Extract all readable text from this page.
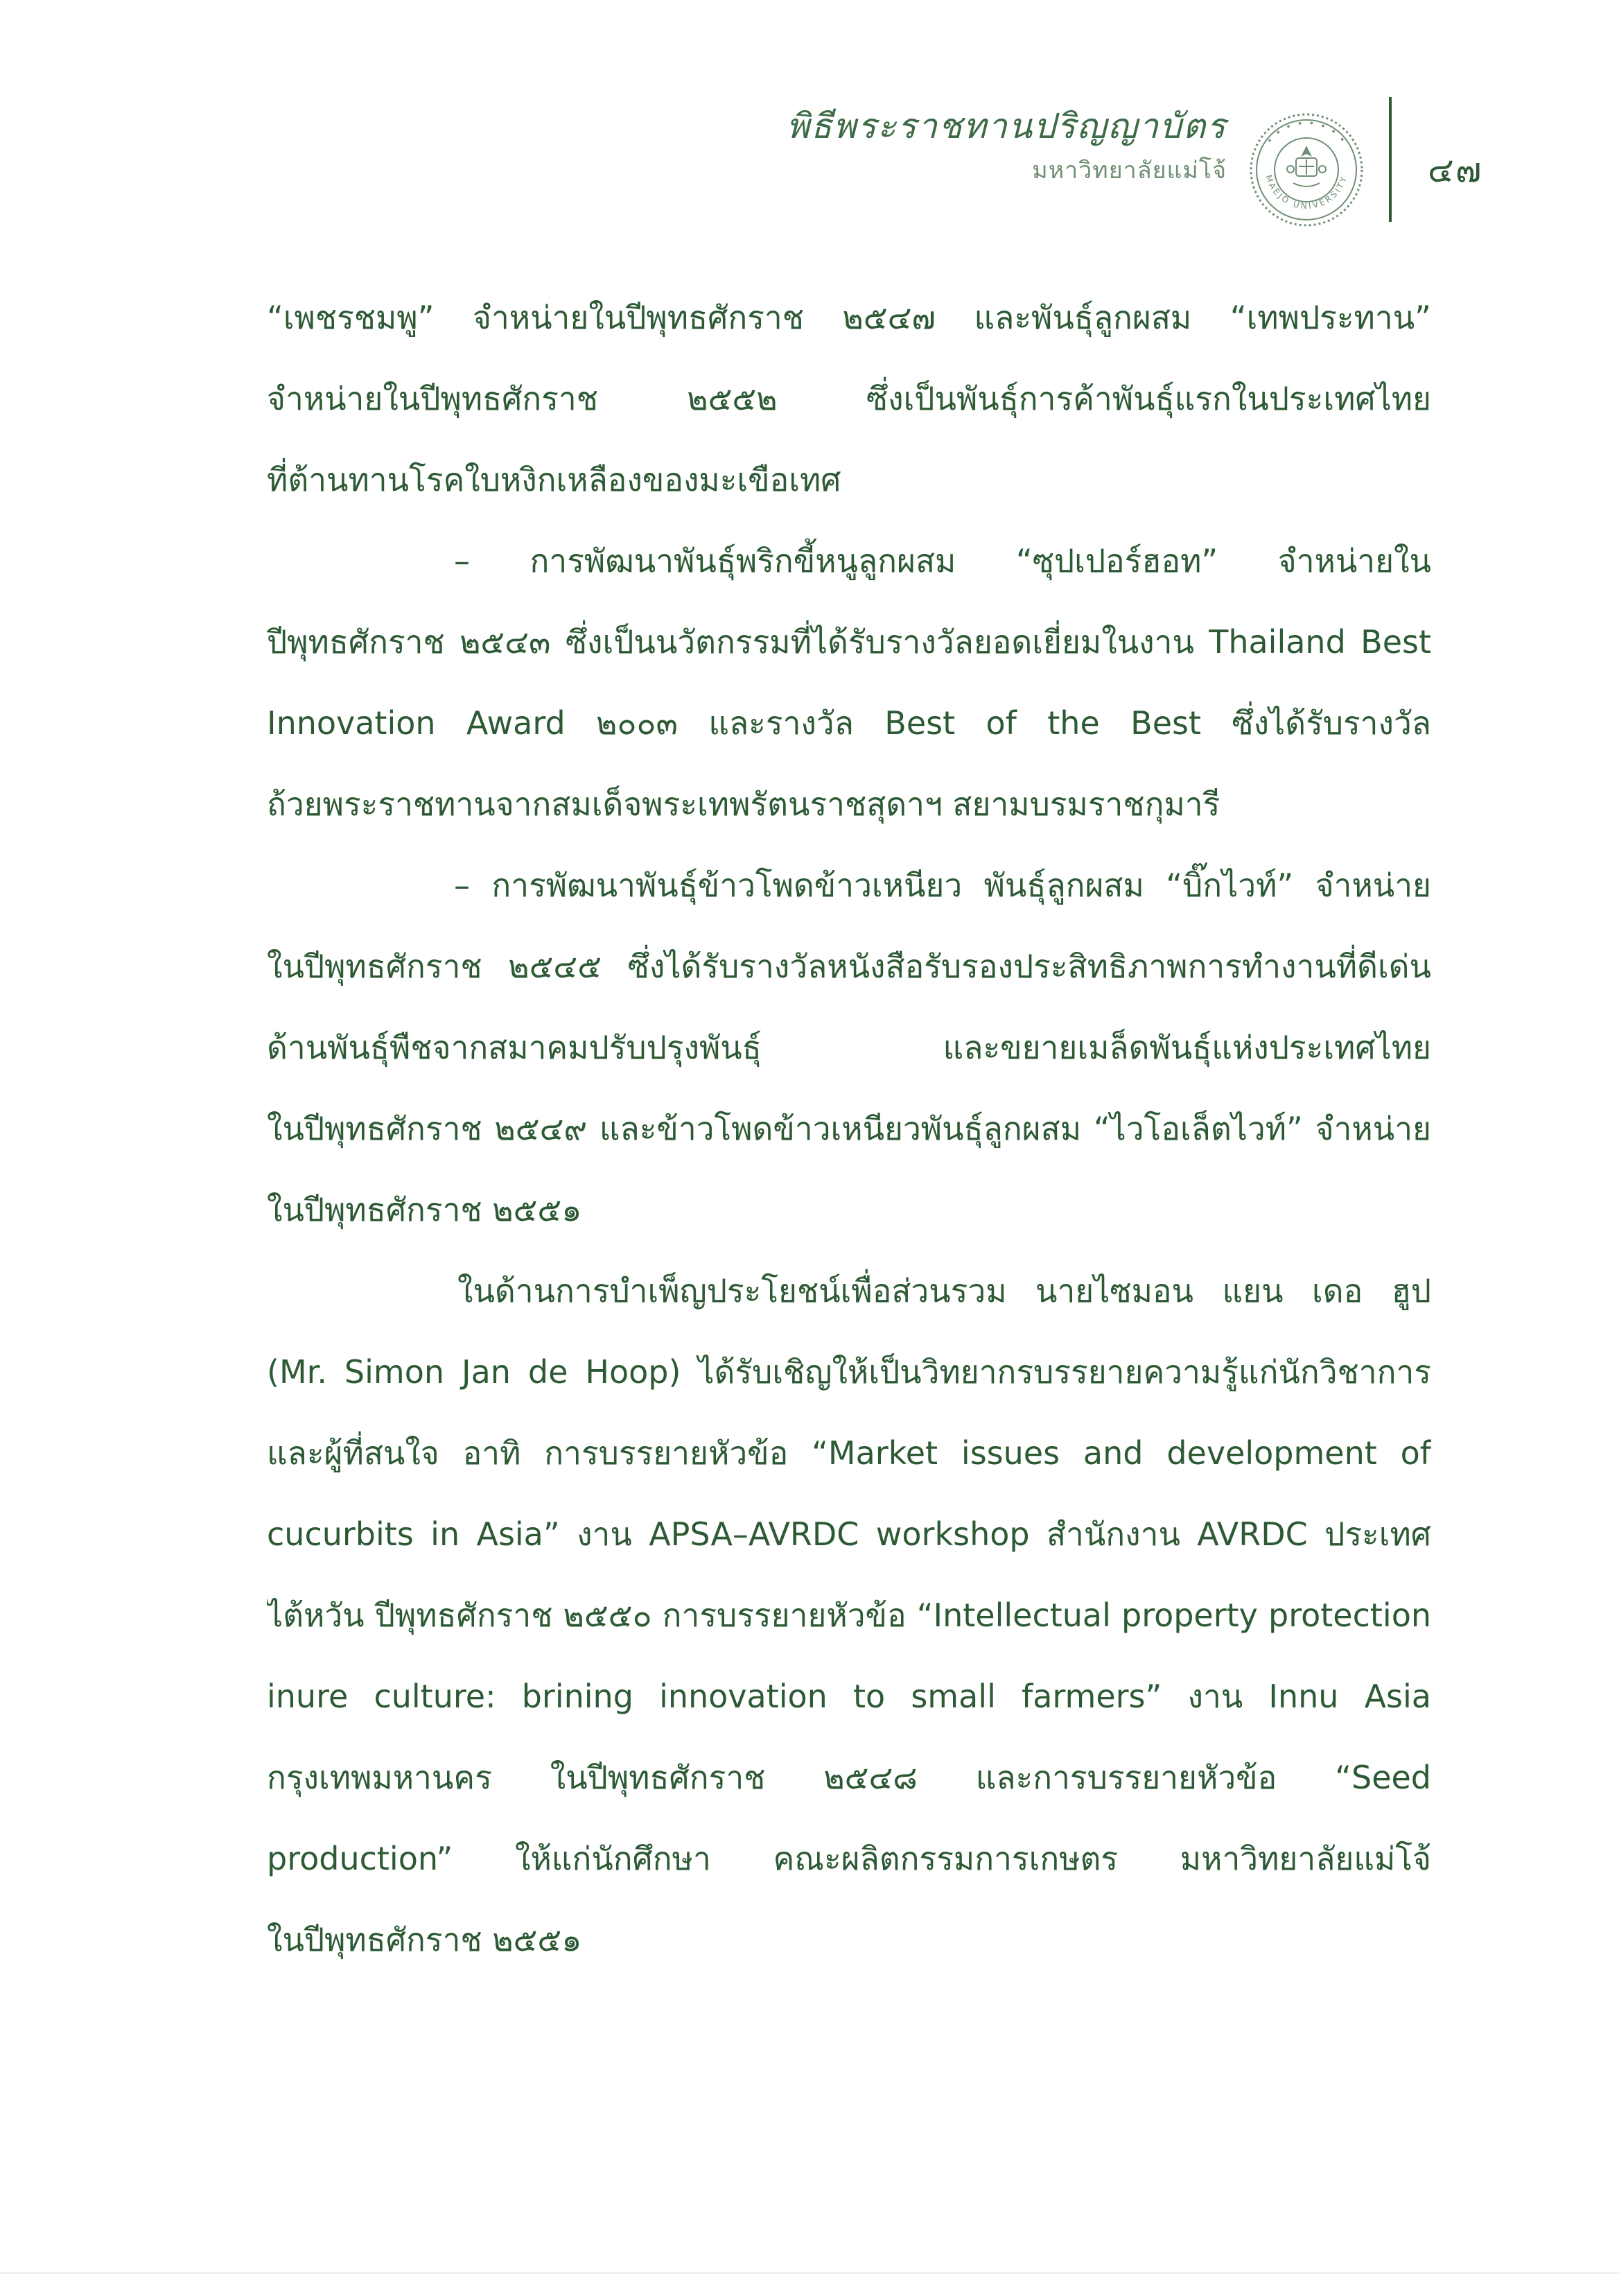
พิธีพระราชทานปริญญาบัตร
มหาวิทยาลัยแม่โจ้
• • • • • • • •
MAEJO UNIVERSITY ๔๗
“เพชรชมพู” จำหน่ายในปีพุทธศักราช ๒๕๔๗ และพันธุ์ลูกผสม “เทพประทาน”
จำหน่ายในปีพุทธศักราช ๒๕๕๒ ซึ่งเป็นพันธุ์การค้าพันธุ์แรกในประเทศไทย
ที่ต้านทานโรคใบหงิกเหลืองของมะเขือเทศ
– การพัฒนาพันธุ์พริกขี้หนูลูกผสม “ซุปเปอร์ฮอท” จำหน่ายใน
ปีพุทธศักราช ๒๕๔๓ ซึ่งเป็นนวัตกรรมที่ได้รับรางวัลยอดเยี่ยมในงาน Thailand Best
Innovation Award ๒๐๐๓ และรางวัล Best of the Best ซึ่งได้รับรางวัล
ถ้วยพระราชทานจากสมเด็จพระเทพรัตนราชสุดาฯ สยามบรมราชกุมารี
– การพัฒนาพันธุ์ข้าวโพดข้าวเหนียว พันธุ์ลูกผสม “บิ๊กไวท์” จำหน่าย
ในปีพุทธศักราช ๒๕๔๕ ซึ่งได้รับรางวัลหนังสือรับรองประสิทธิภาพการทำงานที่ดีเด่น
ด้านพันธุ์พืชจากสมาคมปรับปรุงพันธุ์ และขยายเมล็ดพันธุ์แห่งประเทศไทย
ในปีพุทธศักราช ๒๕๔๙ และข้าวโพดข้าวเหนียวพันธุ์ลูกผสม “ไวโอเล็ตไวท์” จำหน่าย
ในปีพุทธศักราช ๒๕๕๑
ในด้านการบำเพ็ญประโยชน์เพื่อส่วนรวม นายไซมอน แยน เดอ ฮูป
(Mr. Simon Jan de Hoop) ได้รับเชิญให้เป็นวิทยากรบรรยายความรู้แก่นักวิชาการ
และผู้ที่สนใจ อาทิ การบรรยายหัวข้อ “Market issues and development of
cucurbits in Asia” งาน APSA–AVRDC workshop สำนักงาน AVRDC ประเทศ
ไต้หวัน ปีพุทธศักราช ๒๕๕๐ การบรรยายหัวข้อ “Intellectual property protection
inure culture: brining innovation to small farmers” งาน Innu Asia
กรุงเทพมหานคร ในปีพุทธศักราช ๒๕๔๘ และการบรรยายหัวข้อ “Seed
production” ให้แก่นักศึกษา คณะผลิตกรรมการเกษตร มหาวิทยาลัยแม่โจ้
ในปีพุทธศักราช ๒๕๕๑
